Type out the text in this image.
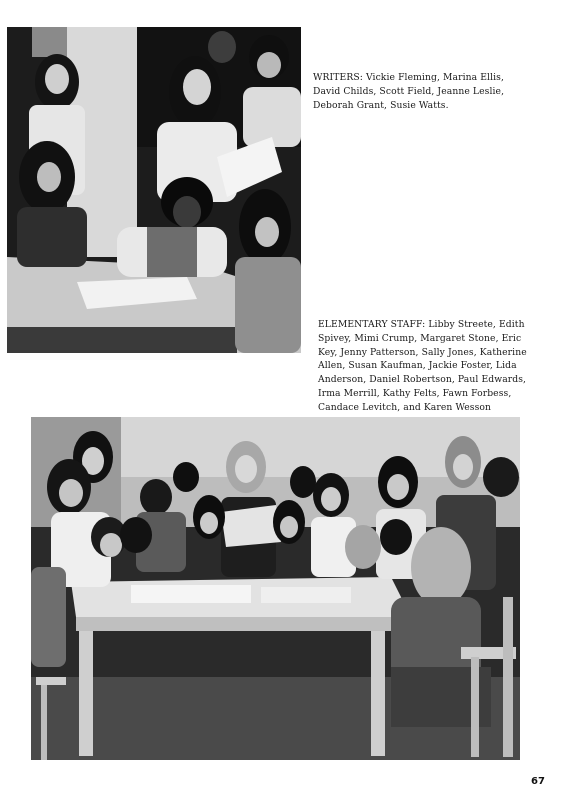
WRITERS: Vickie Fleming, Marina Ellis, David Childs, Scott Field, Jeanne Leslie, Deborah Grant, Susie Watts.
ELEMENTARY STAFF: Libby Streete, Edith Spivey, Mimi Crump, Margaret Stone, Eric Key, Jenny Patterson, Sally Jones, Katherine Allen, Susan Kaufman, Jackie Foster, Lida Anderson, Daniel Robertson, Paul Edwards, Irma Merrill, Kathy Felts, Fawn Forbess, Candace Levitch, and Karen Wesson
67
